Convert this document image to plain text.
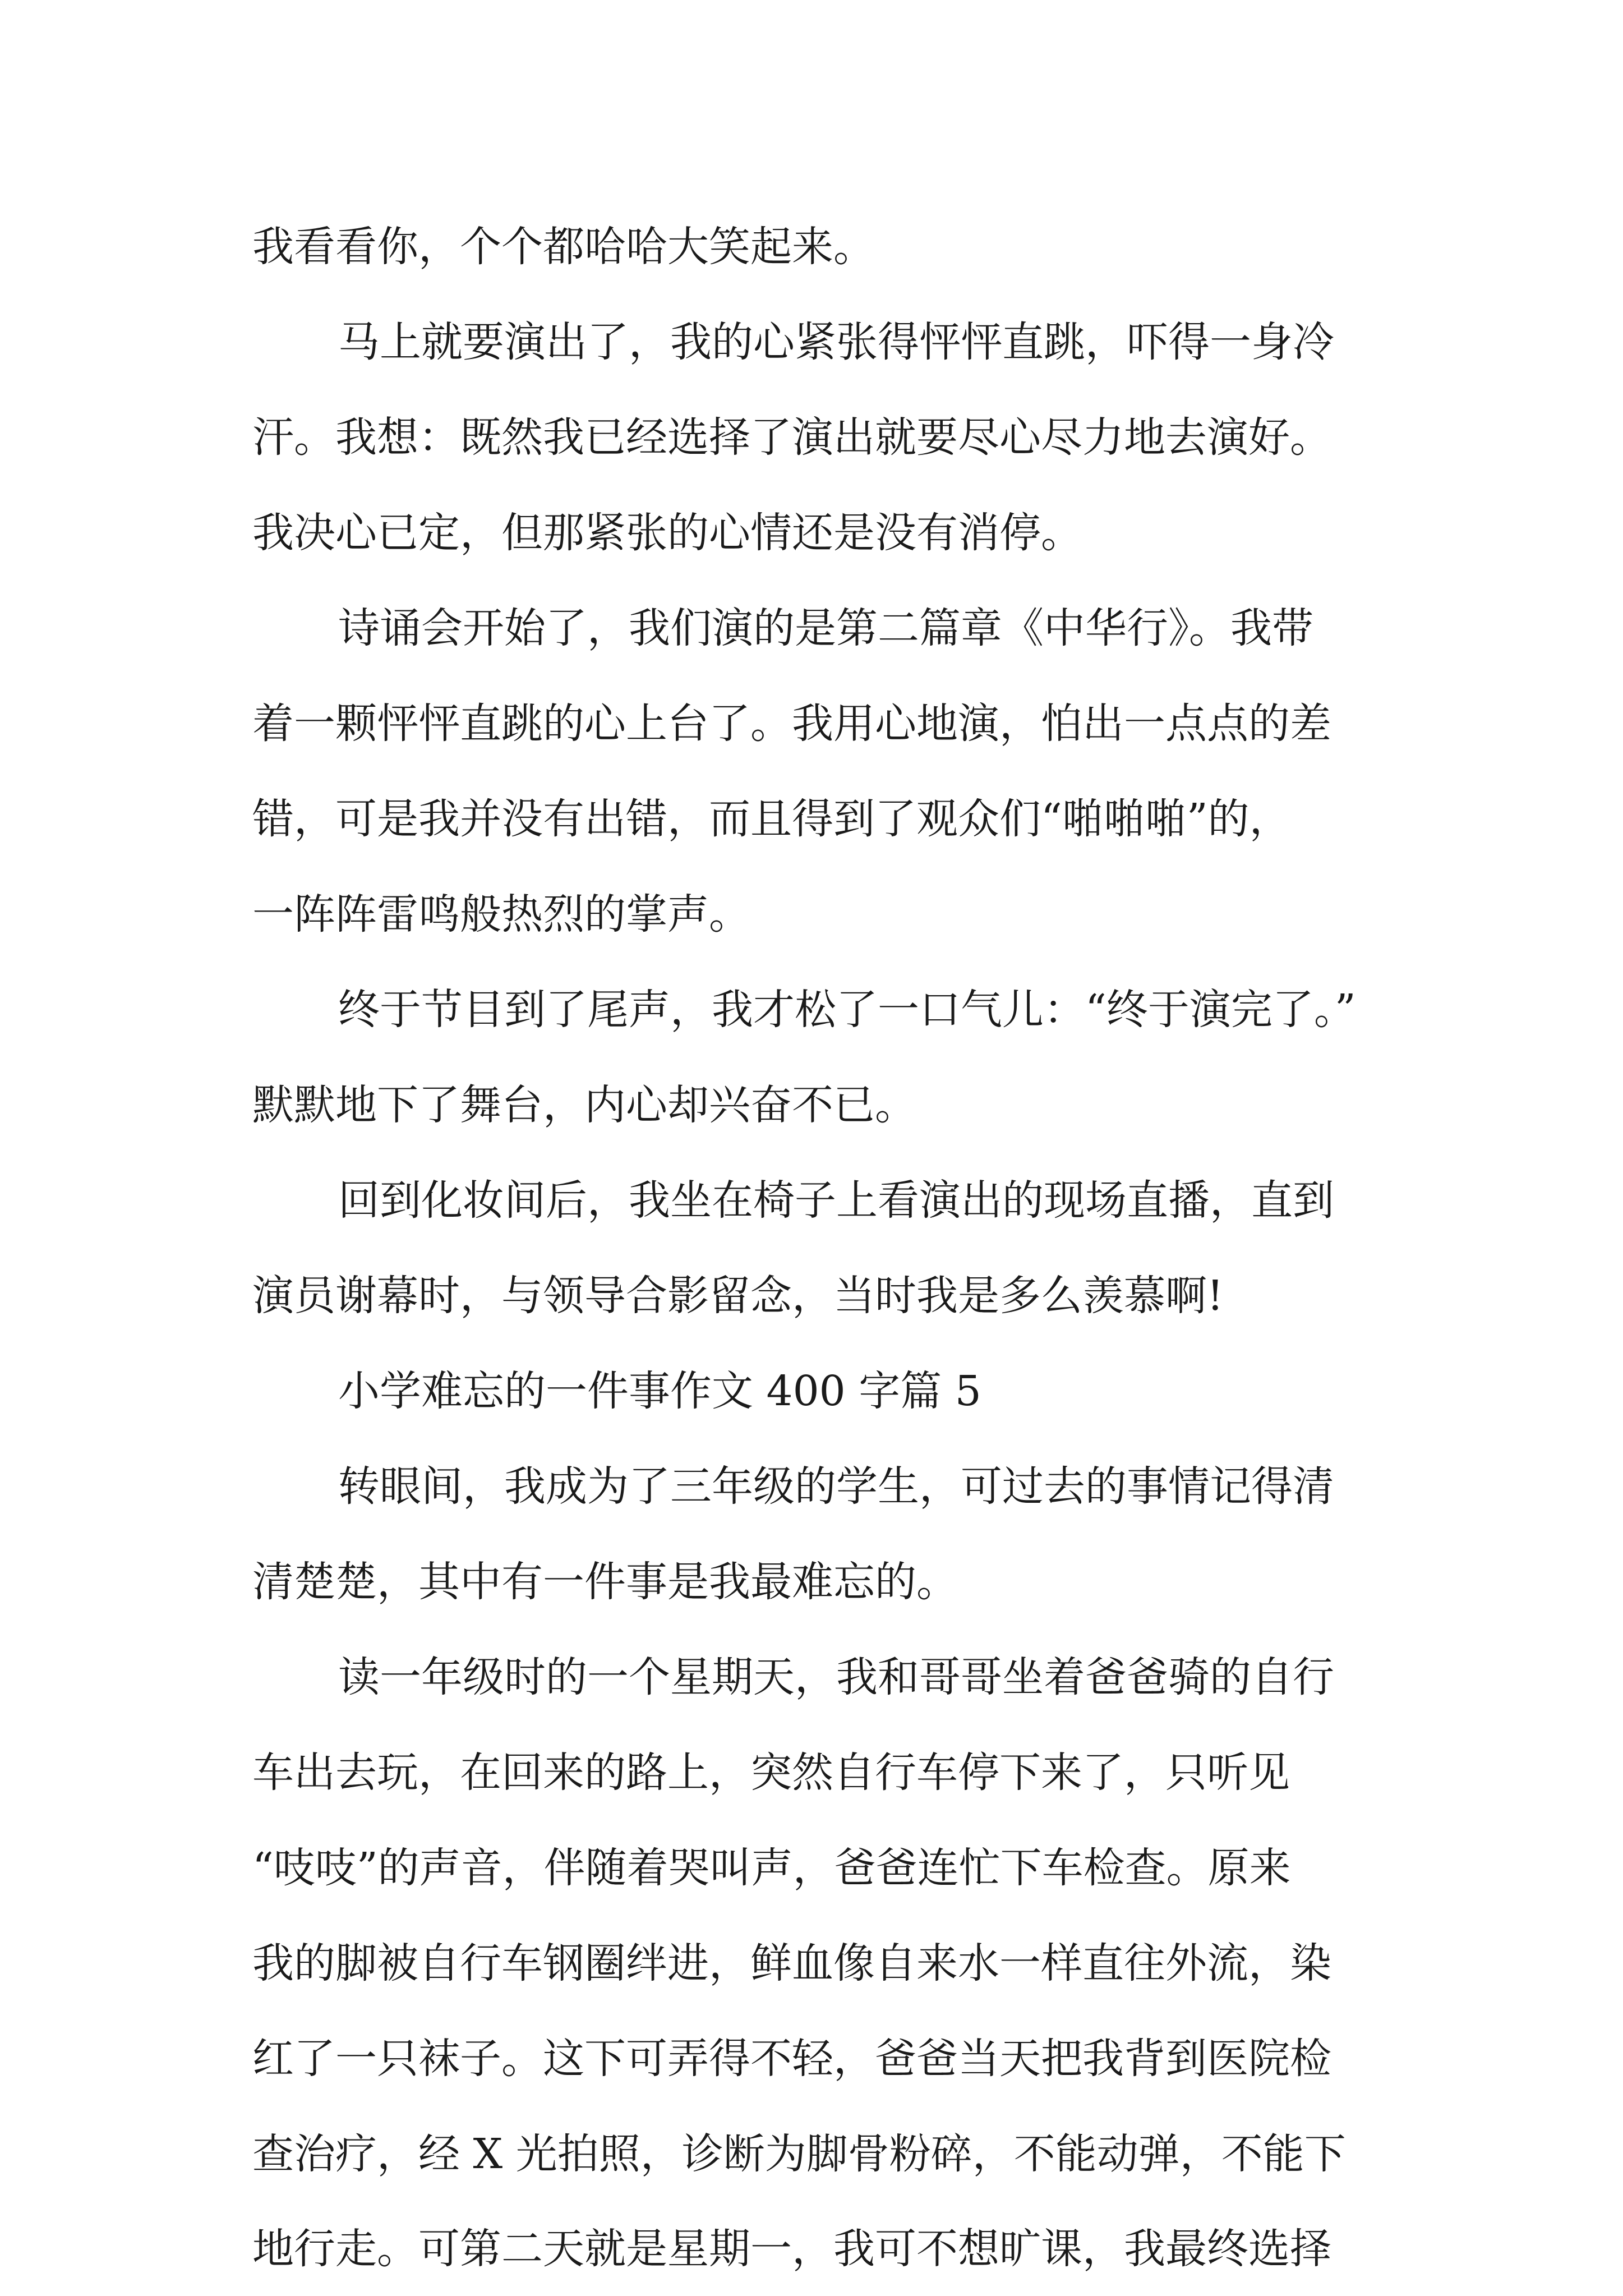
我看看你，个个都哈哈大笑起来。

马上就要演出了，我的心紧张得怦怦直跳，吓得一身冷

汗。我想：既然我已经选择了演出就要尽心尽力地去演好。

我决心已定，但那紧张的心情还是没有消停。

诗诵会开始了，我们演的是第二篇章《中华行》。我带

着一颗怦怦直跳的心上台了。我用心地演，怕出一点点的差

错，可是我并没有出错，而且得到了观众们“啪啪啪”的，

一阵阵雷鸣般热烈的掌声。

终于节目到了尾声，我才松了一口气儿：“终于演完了。”

默默地下了舞台，内心却兴奋不已。

回到化妆间后，我坐在椅子上看演出的现场直播，直到

演员谢幕时，与领导合影留念，当时我是多么羡慕啊!

小学难忘的一件事作文 400 字篇 5

转眼间，我成为了三年级的学生，可过去的事情记得清

清楚楚，其中有一件事是我最难忘的。

读一年级时的一个星期天，我和哥哥坐着爸爸骑的自行

车出去玩，在回来的路上，突然自行车停下来了，只听见

“吱吱”的声音，伴随着哭叫声，爸爸连忙下车检查。原来

我的脚被自行车钢圈绊进，鲜血像自来水一样直往外流，染

红了一只袜子。这下可弄得不轻，爸爸当天把我背到医院检

查治疗，经 X 光拍照，诊断为脚骨粉碎，不能动弹，不能下

地行走。可第二天就是星期一，我可不想旷课，我最终选择
